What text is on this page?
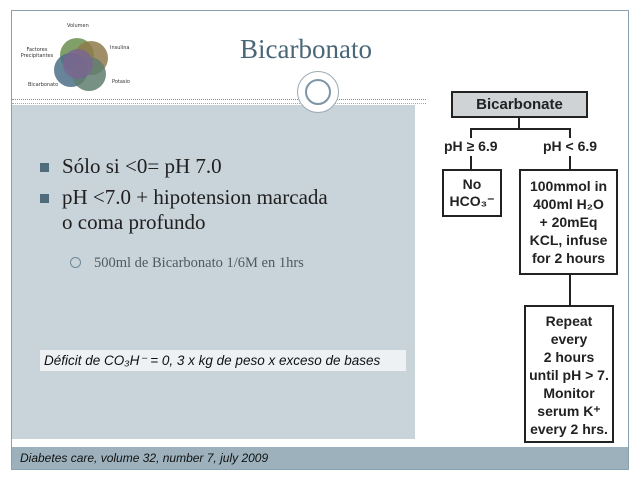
Volumen
Insulina
Factores Precipitantes
Potasio
Bicarbonato
Bicarbonato
Sólo si <0= pH 7.0
pH <7.0 + hipotension marcada o coma profundo
500ml de Bicarbonato 1/6M en 1hrs
Déficit de CO₃H⁻ = 0, 3 x kg de peso x exceso de bases
Bicarbonate
pH ≥ 6.9	pH < 6.9
No
HCO₃⁻
100mmol in
400ml H₂O
+ 20mEq
KCL, infuse
for 2 hours
Repeat
every
2 hours
until pH > 7.
Monitor
serum K⁺
every 2 hrs.
Diabetes care, volume 32, number 7, july 2009
